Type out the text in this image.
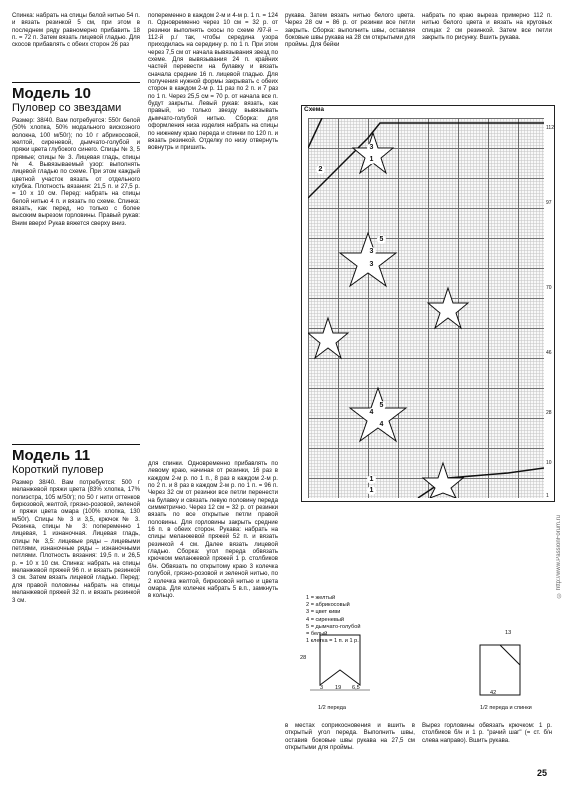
Спинка: набрать на спицы белой нитью 54 п. и вязать резинкой 5 см, при этом в последнем ряду равномерно прибавить 18 п. = 72 п. Затем вязать лицевой гладью. Для скосов прибавлять с обеих сторон 26 раз

Модель 10
Пуловер со звездами

Размер: 38/40. Вам потребуется: 550г белой (50% хлопка, 50% модального вискозного волокна, 100 м/50г); по 10 г абрикосовой, желтой, сиреневой, дымчато-голубой и пряжи цвета глубокого синего. Спицы № 3, 5 прямые; спицы № 3. Лицевая гладь, спицы № 4. Вывязываемый узор: выполнять лицевой гладью по схеме. При этом каждый цветной участок вязать от отдельного клубка. Плотность вязания: 21,5 п. и 27,5 р. = 10 х 10 см. Перед: набрать на спицы белой нитью 4 п. и вязать по схеме. Спинка: вязать, как перед, но только с более высоким вырезом горловины. Правый рукав: Вним вверх! Рукав вяжется сверху вниз.

Модель 11
Короткий пуловер

Размер 38/40. Вам потребуется: 500 г меланжевой пряжи цвета (83% хлопка, 17% полиэстра, 105 м/50г); по 50 г нити оттенков бирюзовой, желтой, грязно-розовой, зеленой и пряжи цвета омара (100% хлопка, 130 м/50г). Спицы № 3 и 3,5, крючок № 3. Резинка, спицы № 3: попеременно 1 лицевая, 1 изнаночная. Лицевая гладь, спицы № 3,5: лицевые ряды – лицевыми петлями, изнаночные ряды – изнаночными петлями. Плотность вязания: 19,5 п. и 26,5 р. = 10 х 10 см. Спинка: набрать на спицы меланжевой пряжей 96 п. и вязать резинкой 3 см. Затем вязать лицевой гладью. Перед: для правой половины набрать на спицы меланжевой пряжей 32 п. и вязать резинкой 3 см.

попеременно в каждом 2-м и 4-м р. 1 п. = 124 п. Одновременно через 10 см = 32 р. от резинки выполнять скосы по схеме /97-й – 112-й р./ так, чтобы середина узора приходилась на середину р. по 1 п. При этом через 7,5 см от начала вывязывания звезд по схеме. Для вывязывания 24 п. крайних частей перевести на булавку и вязать сначала средние 16 п. лицевой гладью. Для получения нужной формы закрывать с обеих сторон в каждом 2-м р. 11 раз по 2 п. и 7 раз по 1 п. Через 25,5 см = 70 р. от начала все п. будут закрыты. Левый рукав: вязать, как правый, но только звезду вывязывать дымчато-голубой нитью. Сборка: для оформления низа изделия набрать на спицы по нижнему краю переда и спинки по 120 п. и вязать резинкой. Отделку по низу отвернуть вовнутрь и пришить.

для спинки. Одновременно прибавлять по левому краю, начиная от резинки, 16 раз в каждом 2-м р. по 1 п., 8 раз в каждом 2-м р. по 2 п. и 8 раз в каждом 2-м р. по 1 п. = 96 п. Через 32 см от резинки все петли перенести на булавку и связать левую половину переда симметрично. Через 12 см = 32 р. от резинки вязать по все открытые петли правой половины. Для горловины закрыть средние 16 п. в обеих сторон. Рукава: набрать на спицы меланжевой пряжей 52 п. и вязать резинкой 4 см. Далее вязать лицевой гладью. Сборка: угол переда обвязать крючком меланжевой пряжей 1 р. столбиков б/н. Обвязать по открытому краю 3 колечка голубой, грязно-розовой и зеленой нитью, по 2 колечка желтой, бирюзовой нитью и цвета омара. Для колечек набрать 5 в.п., замкнуть в кольцо.

рукава. Затем вязать нитью белого цвета. Через 28 см = 86 р. от резинки все петли закрыть. Сборка: выполнить швы, оставляя боковые швы рукава на 28 см открытыми для проймы. Для бейки

набрать по краю выреза примерно 112 п. нитью белого цвета и вязать на круговых спицах 2 см резинкой. Затем все петли закрыть по рисунку. Вшить рукава.

Схема
1
2
3
4
5
1
3
5
4
3
1
112
97
70
46
28
10
1
1 = желтый
2 = абрикосовый
3 = цвет киви
4 = сиреневый
5 = дымчато-голубой
= белый
1 клетка = 1 п. и 1 р.
1/2 переда
3 19 6,5
28
1/2 переда и спинки
13
42

в местах соприкосновения и вшить в открытый угол переда. Выполнить швы, оставив боковые швы рукава на 27,5 см открытыми для проймы.

Вырез горловины обвязать крючком: 1 р. столбиков б/н и 1 р. "рачий шаг" (= ст. б/н слева направо). Вшить рукава.

© http://www.PassionForum.ru
25
